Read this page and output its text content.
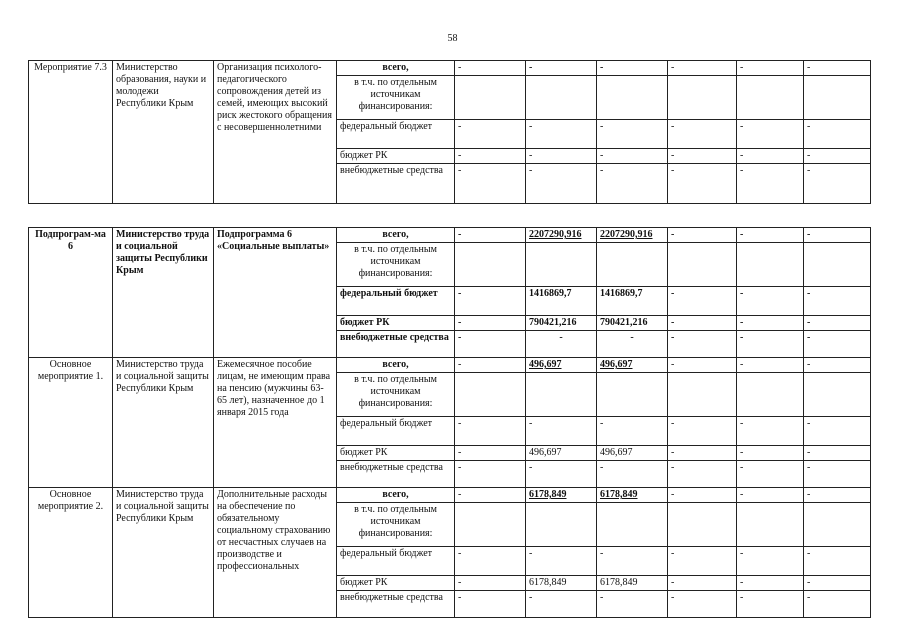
58
Мероприятие 7.3	Министерство образования, науки и молодежи Республики Крым	Организация психолого-педагогического сопровождения детей из семей, имеющих высокий риск жестокого обращения с несовершеннолетними	всего,	-	-	-	-	-	-
			в т.ч. по отдельным источникам финансирования:						
			федеральный бюджет	-	-	-	-	-	-
			бюджет РК	-	-	-	-	-	-
			внебюджетные средства	-	-	-	-	-	-
Подпрограм-ма 6	Министерство труда и социальной защиты Республики Крым	Подпрограмма 6 «Социальные выплаты»	всего,	-	2207290,916	2207290,916	-	-	-
			в т.ч. по отдельным источникам финансирования:						
			федеральный бюджет	-	1416869,7	1416869,7	-	-	-
			бюджет РК	-	790421,216	790421,216	-	-	-
			внебюджетные средства	-	-	-	-	-	-
Основное мероприятие 1.	Министерство труда и социальной защиты Республики Крым	Ежемесячное пособие лицам, не имеющим права на пенсию (мужчины 63-65 лет), назначенное до 1 января 2015 года	всего,	-	496,697	496,697	-	-	-
			в т.ч. по отдельным источникам финансирования:						
			федеральный бюджет	-	-	-	-	-	-
			бюджет РК	-	496,697	496,697	-	-	-
			внебюджетные средства	-	-	-	-	-	-
Основное мероприятие 2.	Министерство труда и социальной защиты Республики Крым	Дополнительные расходы на обеспечение по обязательному социальному страхованию от несчастных случаев на производстве и профессиональных	всего,	-	6178,849	6178,849	-	-	-
			в т.ч. по отдельным источникам финансирования:						
			федеральный бюджет	-	-	-	-	-	-
			бюджет РК	-	6178,849	6178,849	-	-	-
			внебюджетные средства	-	-	-	-	-	-
